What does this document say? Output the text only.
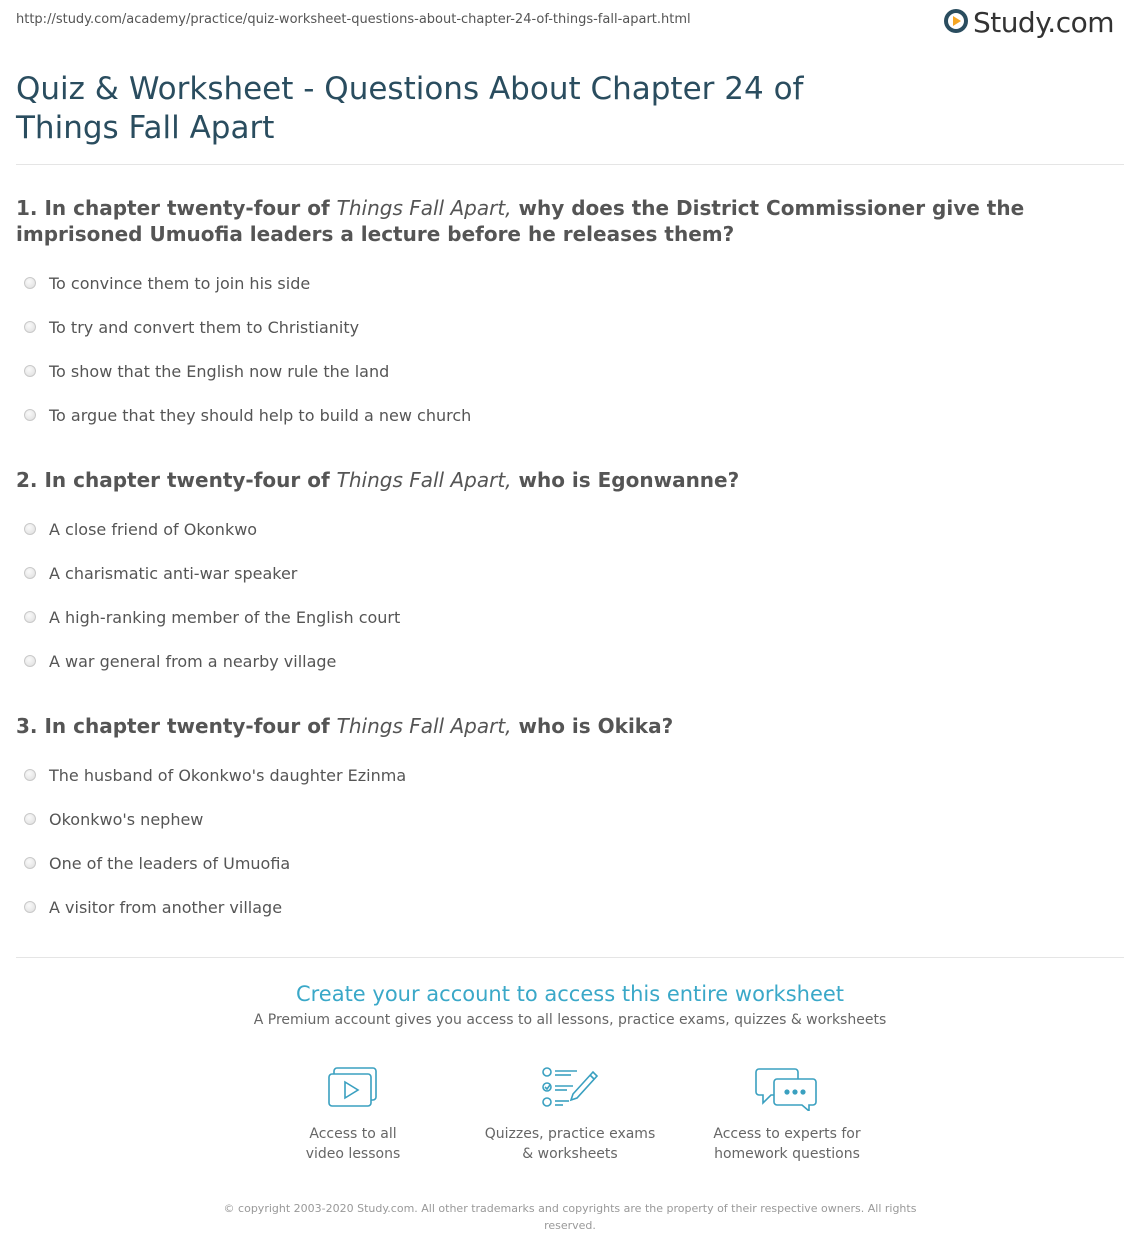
http://study.com/academy/practice/quiz-worksheet-questions-about-chapter-24-of-things-fall-apart.html	Study.com
Quiz & Worksheet - Questions About Chapter 24 of Things Fall Apart
1. In chapter twenty-four of Things Fall Apart, why does the District Commissioner give the imprisoned Umuofia leaders a lecture before he releases them?
To convince them to join his side
To try and convert them to Christianity
To show that the English now rule the land
To argue that they should help to build a new church
2. In chapter twenty-four of Things Fall Apart, who is Egonwanne?
A close friend of Okonkwo
A charismatic anti-war speaker
A high-ranking member of the English court
A war general from a nearby village
3. In chapter twenty-four of Things Fall Apart, who is Okika?
The husband of Okonkwo's daughter Ezinma
Okonkwo's nephew
One of the leaders of Umuofia
A visitor from another village
Create your account to access this entire worksheet
A Premium account gives you access to all lessons, practice exams, quizzes & worksheets
Access to all
video lessons
Quizzes, practice exams
& worksheets
Access to experts for
homework questions
© copyright 2003-2020 Study.com. All other trademarks and copyrights are the property of their respective owners. All rights reserved.
